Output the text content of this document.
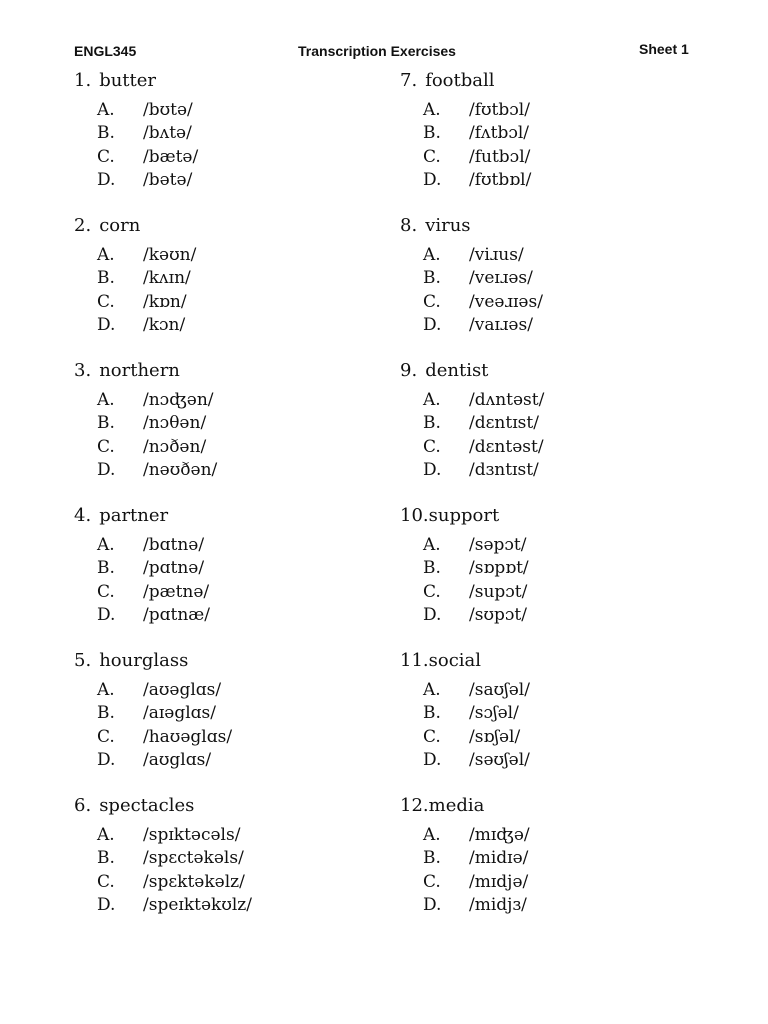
ENGL345	Transcription Exercises	Sheet 1
1. butter
A. /bʊtə/
B. /bʌtə/
C. /bætə/
D. /bətə/
2. corn
A. /kəʊn/
B. /kʌɪn/
C. /kɒn/
D. /kɔn/
3. northern
A. /nɔʤən/
B. /nɔθən/
C. /nɔðən/
D. /nəʊðən/
4. partner
A. /bɑtnə/
B. /pɑtnə/
C. /pætnə/
D. /pɑtnæ/
5. hourglass
A. /aʊəglɑs/
B. /aɪəglɑs/
C. /haʊəglɑs/
D. /aʊglɑs/
6. spectacles
A. /spɪktəcəls/
B. /spɛctəkəls/
C. /spɛktəkəlz/
D. /speɪktəkʊlz/
7. football
A. /fʊtbɔl/
B. /fʌtbɔl/
C. /futbɔl/
D. /fʊtbɒl/
8. virus
A. /viɹus/
B. /veɪɹəs/
C. /veəɹɪəs/
D. /vaɪɹəs/
9. dentist
A. /dʌntəst/
B. /dɛntɪst/
C. /dɛntəst/
D. /dɜntɪst/
10.support
A. /səpɔt/
B. /sɒpɒt/
C. /supɔt/
D. /sʊpɔt/
11.social
A. /saʊʃəl/
B. /sɔʃəl/
C. /sɒʃəl/
D. /səʊʃəl/
12.media
A. /mɪʤə/
B. /midɪə/
C. /mɪdjə/
D. /midjɜ/
